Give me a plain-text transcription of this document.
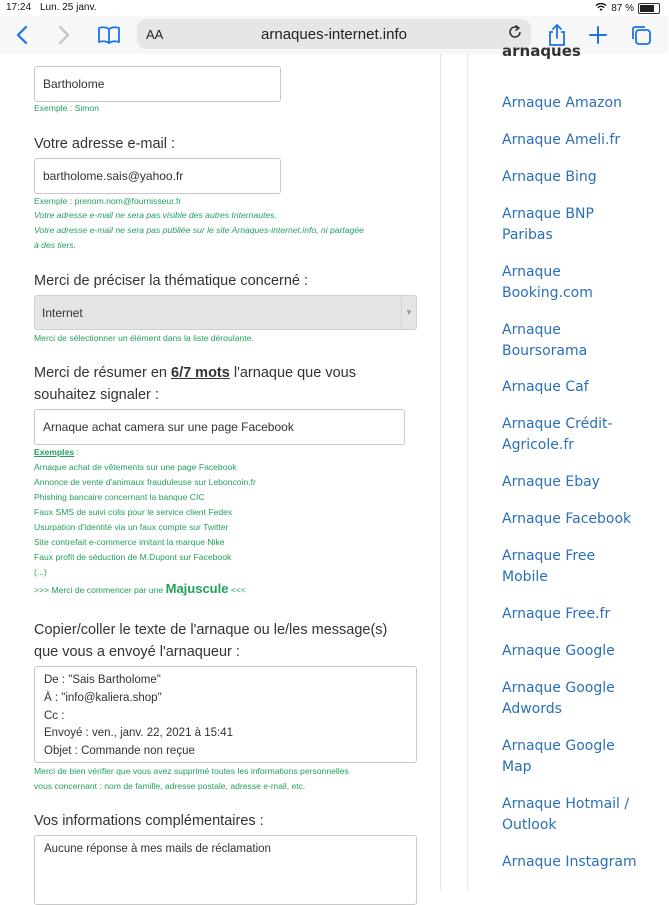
17:24 Lun. 25 janv.	87 %
AA	arnaques-internet.info
Bartholome
Exemple : Simon
Votre adresse e-mail :
bartholome.sais@yahoo.fr
Exemple : prenom.nom@fournisseur.fr
Votre adresse e-mail ne sera pas visible des autres Internautes.
Votre adresse e-mail ne sera pas publiée sur le site Arnaques-internet.info, ni partagée
à des tiers.
Merci de préciser la thématique concerné :
Internet	▼
Merci de sélectionner un élément dans la liste déroulante.
Merci de résumer en 6/7 mots l'arnaque que vous
souhaitez signaler :
Arnaque achat camera sur une page Facebook
Exemples :
Arnaque achat de vêtements sur une page Facebook
Annonce de vente d'animaux frauduleuse sur Leboncoin.fr
Phishing bancaire concernant la banque CIC
Faux SMS de suivi colis pour le service client Fedex
Usurpation d'identité via un faux compte sur Twitter
Site contrefait e-commerce imitant la marque Nike
Faux profil de séduction de M.Dupont sur Facebook
(...)
>>> Merci de commencer par une Majuscule <<<
Copier/coller le texte de l'arnaque ou le/les message(s)
que vous a envoyé l'arnaqueur :
De : "Sais Bartholome"
À : "info@kaliera.shop"
Cc :
Envoyé : ven., janv. 22, 2021 à 15:41
Objet : Commande non reçue
Merci de bien vérifier que vous avez supprimé toutes les informations personnelles
vous concernant : nom de famille, adresse postale, adresse e-mail, etc.
Vos informations complémentaires :
Aucune réponse à mes mails de réclamation
arnaques
Arnaque Amazon
Arnaque Ameli.fr
Arnaque Bing
Arnaque BNP Paribas
Arnaque Booking.com
Arnaque Boursorama
Arnaque Caf
Arnaque Crédit-Agricole.fr
Arnaque Ebay
Arnaque Facebook
Arnaque Free Mobile
Arnaque Free.fr
Arnaque Google
Arnaque Google Adwords
Arnaque Google Map
Arnaque Hotmail / Outlook
Arnaque Instagram
